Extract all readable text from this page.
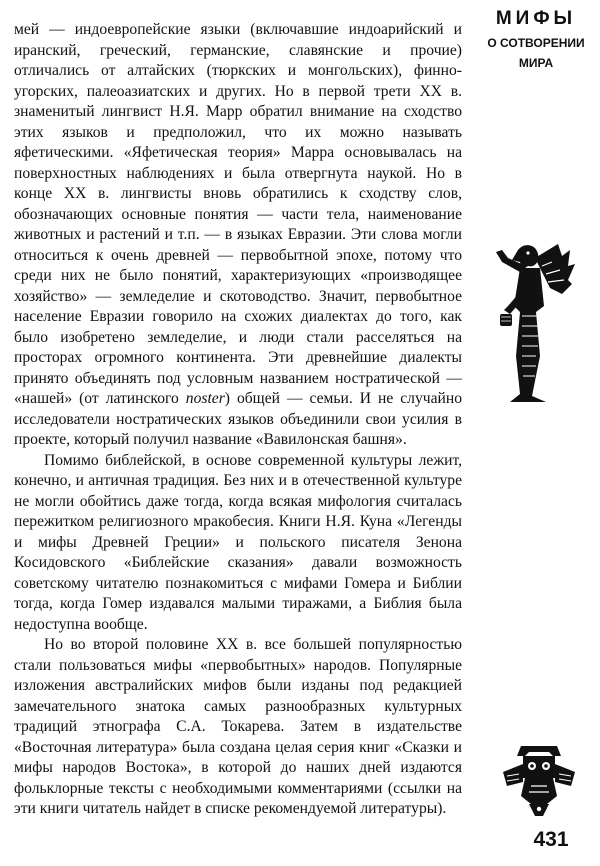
мей — индоевропейские языки (включавшие индоарийский и иранский, греческий, германские, славянские и прочие) отличались от алтайских (тюркских и монгольских), финно-угорских, палеоазиатских и других. Но в первой трети XX в. знаменитый лингвист Н.Я. Марр обратил внимание на сходство этих языков и предположил, что их можно называть яфетическими. «Яфетическая теория» Марра основывалась на поверхностных наблюдениях и была отвергнута наукой. Но в конце XX в. лингвисты вновь обратились к сходству слов, обозначающих основные понятия — части тела, наименование животных и растений и т.п. — в языках Евразии. Эти слова могли относиться к очень древней — первобытной эпохе, потому что среди них не было понятий, характеризующих «производящее хозяйство» — земледелие и скотоводство. Значит, первобытное население Евразии говорило на схожих диалектах до того, как было изобретено земледелие, и люди стали расселяться на просторах огромного континента. Эти древнейшие диалекты принято объединять под условным названием ностратической — «нашей» (от латинского noster) общей — семьи. И не случайно исследователи ностратических языков объединили свои усилия в проекте, который получил название «Вавилонская башня».

Помимо библейской, в основе современной культуры лежит, конечно, и античная традиция. Без них и в отечественной культуре не могли обойтись даже тогда, когда всякая мифология считалась пережитком религиозного мракобесия. Книги Н.Я. Куна «Легенды и мифы Древней Греции» и польского писателя Зенона Косидовского «Библейские сказания» давали возможность советскому читателю познакомиться с мифами Гомера и Библии тогда, когда Гомер издавался малыми тиражами, а Библия была недоступна вообще.

Но во второй половине XX в. все большей популярностью стали пользоваться мифы «первобытных» народов. Популярные изложения австралийских мифов были изданы под редакцией замечательного знатока самых разнообразных культурных традиций этнографа С.А. Токарева. Затем в издательстве «Восточная литература» была создана целая серия книг «Сказки и мифы народов Востока», в которой до наших дней издаются фольклорные тексты с необходимыми комментариями (ссылки на эти книги читатель найдет в списке рекомендуемой литературы).

МИФЫ
О СОТВОРЕНИИ
МИРА
431
